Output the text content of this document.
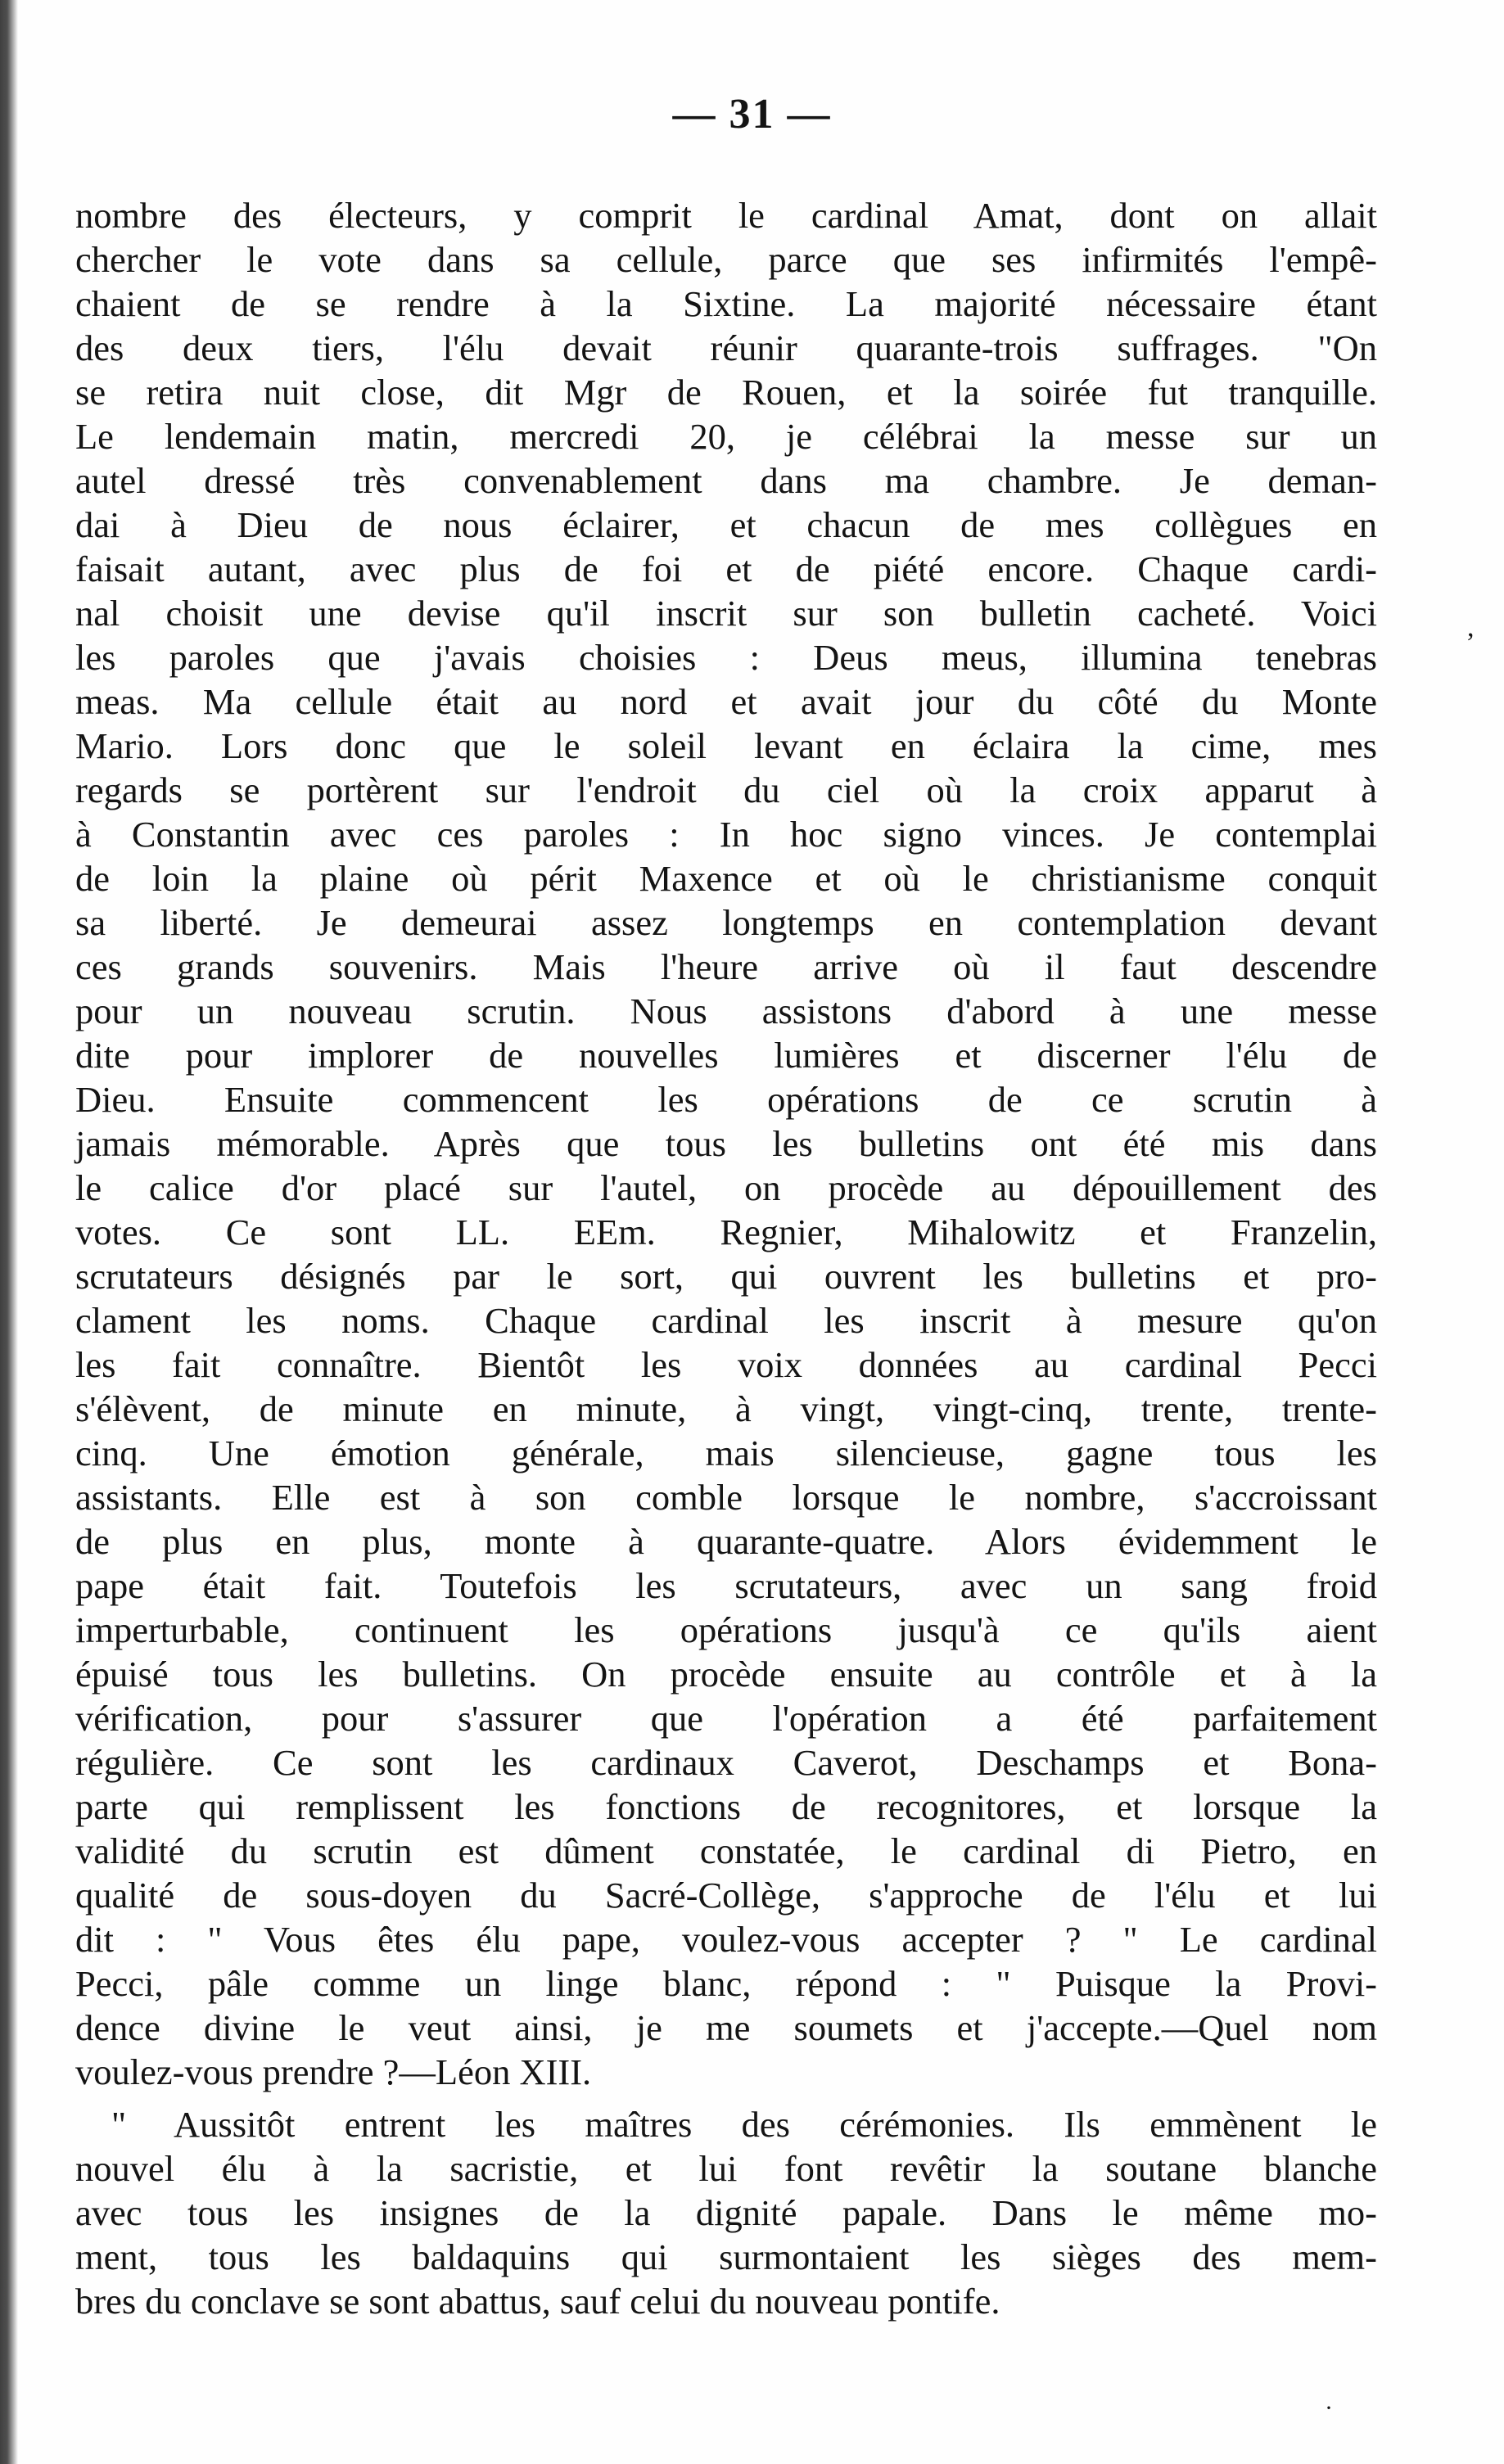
— 31 —
nombre des électeurs, y comprit le cardinal Amat, dont on allait
chercher le vote dans sa cellule, parce que ses infirmités l'empê-
chaient de se rendre à la Sixtine. La majorité nécessaire étant
des deux tiers, l'élu devait réunir quarante-trois suffrages. "On
se retira nuit close, dit Mgr de Rouen, et la soirée fut tranquille.
Le lendemain matin, mercredi 20, je célébrai la messe sur un
autel dressé très convenablement dans ma chambre. Je deman-
dai à Dieu de nous éclairer, et chacun de mes collègues en
faisait autant, avec plus de foi et de piété encore. Chaque cardi-
nal choisit une devise qu'il inscrit sur son bulletin cacheté. Voici
les paroles que j'avais choisies : Deus meus, illumina tenebras
meas. Ma cellule était au nord et avait jour du côté du Monte
Mario. Lors donc que le soleil levant en éclaira la cime, mes
regards se portèrent sur l'endroit du ciel où la croix apparut à
à Constantin avec ces paroles : In hoc signo vinces. Je contemplai
de loin la plaine où périt Maxence et où le christianisme conquit
sa liberté. Je demeurai assez longtemps en contemplation devant
ces grands souvenirs. Mais l'heure arrive où il faut descendre
pour un nouveau scrutin. Nous assistons d'abord à une messe
dite pour implorer de nouvelles lumières et discerner l'élu de
Dieu. Ensuite commencent les opérations de ce scrutin à
jamais mémorable. Après que tous les bulletins ont été mis dans
le calice d'or placé sur l'autel, on procède au dépouillement des
votes. Ce sont LL. EEm. Regnier, Mihalowitz et Franzelin,
scrutateurs désignés par le sort, qui ouvrent les bulletins et pro-
clament les noms. Chaque cardinal les inscrit à mesure qu'on
les fait connaître. Bientôt les voix données au cardinal Pecci
s'élèvent, de minute en minute, à vingt, vingt-cinq, trente, trente-
cinq. Une émotion générale, mais silencieuse, gagne tous les
assistants. Elle est à son comble lorsque le nombre, s'accroissant
de plus en plus, monte à quarante-quatre. Alors évidemment le
pape était fait. Toutefois les scrutateurs, avec un sang froid
imperturbable, continuent les opérations jusqu'à ce qu'ils aient
épuisé tous les bulletins. On procède ensuite au contrôle et à la
vérification, pour s'assurer que l'opération a été parfaitement
régulière. Ce sont les cardinaux Caverot, Deschamps et Bona-
parte qui remplissent les fonctions de recognitores, et lorsque la
validité du scrutin est dûment constatée, le cardinal di Pietro, en
qualité de sous-doyen du Sacré-Collège, s'approche de l'élu et lui
dit : " Vous êtes élu pape, voulez-vous accepter ? " Le cardinal
Pecci, pâle comme un linge blanc, répond : " Puisque la Provi-
dence divine le veut ainsi, je me soumets et j'accepte.—Quel nom
voulez-vous prendre ?—Léon XIII.
" Aussitôt entrent les maîtres des cérémonies. Ils emmènent le
nouvel élu à la sacristie, et lui font revêtir la soutane blanche
avec tous les insignes de la dignité papale. Dans le même mo-
ment, tous les baldaquins qui surmontaient les sièges des mem-
bres du conclave se sont abattus, sauf celui du nouveau pontife.
,
·
